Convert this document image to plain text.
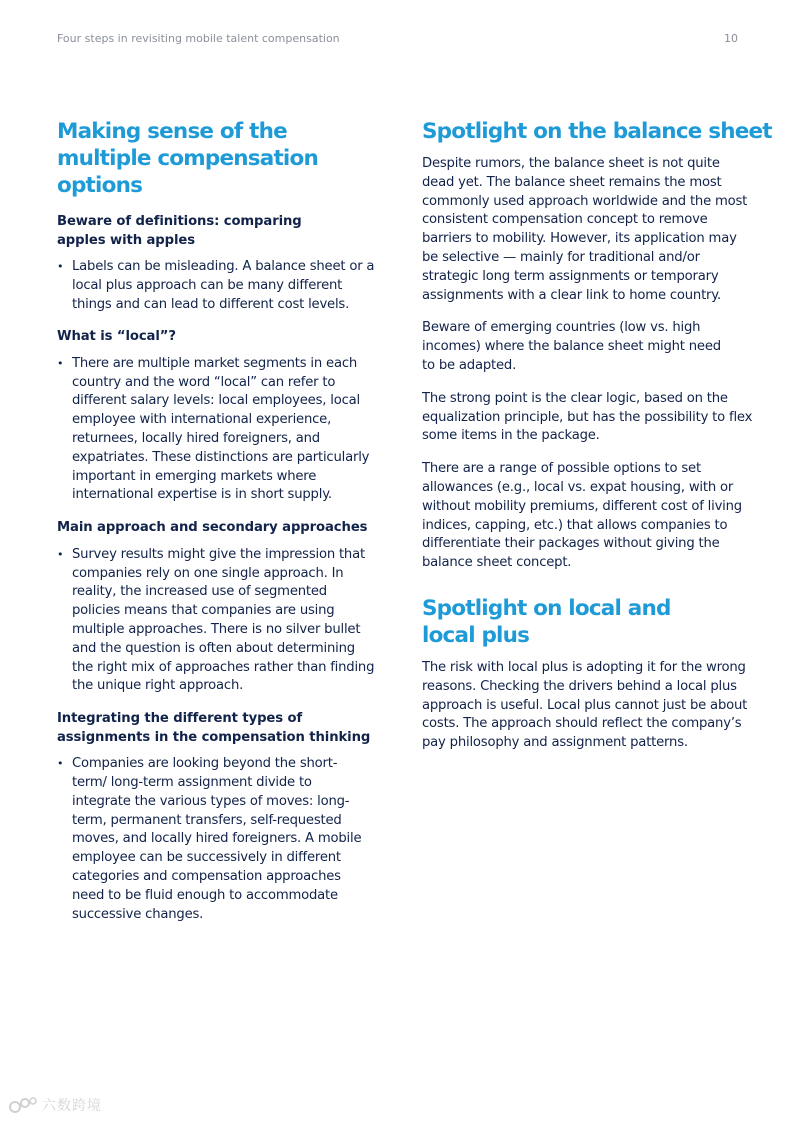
Four steps in revisiting mobile talent compensation	10
Making sense of the multiple compensation options
Beware of definitions: comparing apples with apples
• Labels can be misleading. A balance sheet or a local plus approach can be many different things and can lead to different cost levels.
What is “local”?
• There are multiple market segments in each country and the word “local” can refer to different salary levels: local employees, local employee with international experience, returnees, locally hired foreigners, and expatriates. These distinctions are particularly important in emerging markets where international expertise is in short supply.
Main approach and secondary approaches
• Survey results might give the impression that companies rely on one single approach. In reality, the increased use of segmented policies means that companies are using multiple approaches. There is no silver bullet and the question is often about determining the right mix of approaches rather than finding the unique right approach.
Integrating the different types of assignments in the compensation thinking
• Companies are looking beyond the short-term/ long-term assignment divide to integrate the various types of moves: long-term, permanent transfers, self-requested moves, and locally hired foreigners. A mobile employee can be successively in different categories and compensation approaches need to be fluid enough to accommodate successive changes.
Spotlight on the balance sheet

Despite rumors, the balance sheet is not quite dead yet. The balance sheet remains the most commonly used approach worldwide and the most consistent compensation concept to remove barriers to mobility. However, its application may be selective — mainly for traditional and/or strategic long term assignments or temporary assignments with a clear link to home country.

Beware of emerging countries (low vs. high incomes) where the balance sheet might need to be adapted.

The strong point is the clear logic, based on the equalization principle, but has the possibility to flex some items in the package.

There are a range of possible options to set allowances (e.g., local vs. expat housing, with or without mobility premiums, different cost of living indices, capping, etc.) that allows companies to differentiate their packages without giving the balance sheet concept.

Spotlight on local and local plus

The risk with local plus is adopting it for the wrong reasons. Checking the drivers behind a local plus approach is useful. Local plus cannot just be about costs. The approach should reflect the company’s pay philosophy and assignment patterns.

六数跨境
